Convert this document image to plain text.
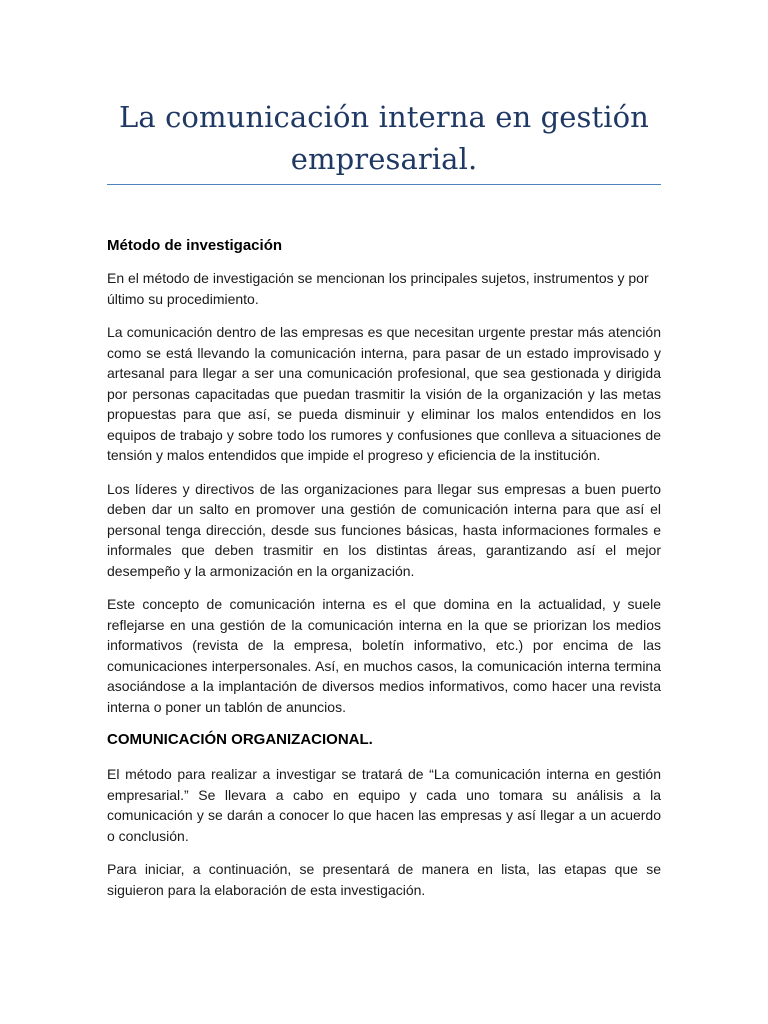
La comunicación interna en gestión empresarial.
Método de investigación

En el método de investigación se mencionan los principales sujetos, instrumentos y por último su procedimiento.

La comunicación dentro de las empresas es que necesitan urgente prestar más atención como se está llevando la comunicación interna, para pasar de un estado improvisado y artesanal para llegar a ser una comunicación profesional, que sea gestionada y dirigida por personas capacitadas que puedan trasmitir la visión de la organización y las metas propuestas para que así, se pueda disminuir y eliminar los malos entendidos en los equipos de trabajo y sobre todo los rumores y confusiones que conlleva a situaciones de tensión y malos entendidos que impide el progreso y eficiencia de la institución.

Los líderes y directivos de las organizaciones para llegar sus empresas a buen puerto deben dar un salto en promover una gestión de comunicación interna para que así el personal tenga dirección, desde sus funciones básicas, hasta informaciones formales e informales que deben trasmitir en los distintas áreas, garantizando así el mejor desempeño y la armonización en la organización.

Este concepto de comunicación interna es el que domina en la actualidad, y suele reflejarse en una gestión de la comunicación interna en la que se priorizan los medios informativos (revista de la empresa, boletín informativo, etc.) por encima de las comunicaciones interpersonales. Así, en muchos casos, la comunicación interna termina asociándose a la implantación de diversos medios informativos, como hacer una revista interna o poner un tablón de anuncios.

COMUNICACIÓN ORGANIZACIONAL.

El método para realizar a investigar se tratará de “La comunicación interna en gestión empresarial.” Se llevara a cabo en equipo y cada uno tomara su análisis a la comunicación y se darán a conocer lo que hacen las empresas y así llegar a un acuerdo o conclusión.

Para iniciar, a continuación, se presentará de manera en lista, las etapas que se siguieron para la elaboración de esta investigación.
